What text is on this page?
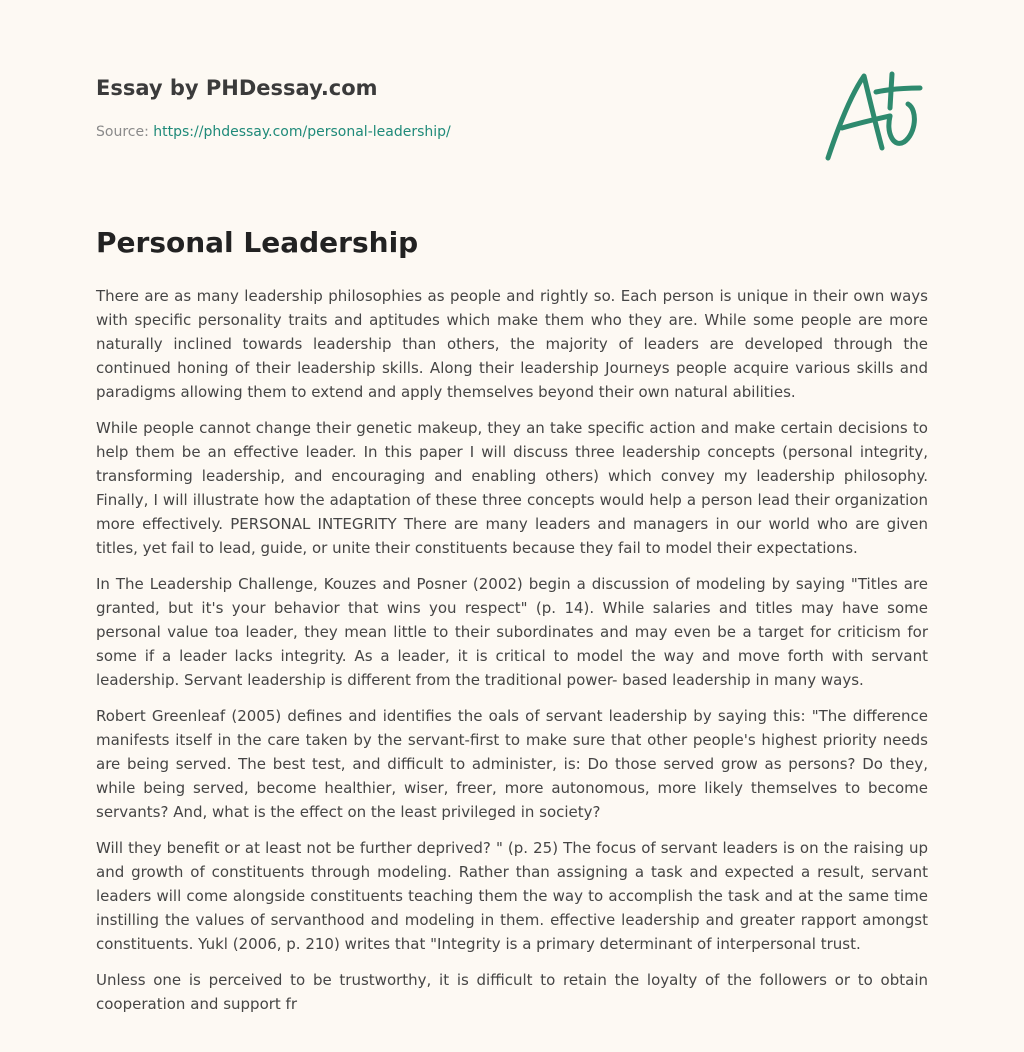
Essay by PHDessay.com

Source: https://phdessay.com/personal-leadership/

Personal Leadership

There are as many leadership philosophies as people and rightly so. Each person is unique in their own ways with specific personality traits and aptitudes which make them who they are. While some people are more naturally inclined towards leadership than others, the majority of leaders are developed through the continued honing of their leadership skills. Along their leadership Journeys people acquire various skills and paradigms allowing them to extend and apply themselves beyond their own natural abilities.

While people cannot change their genetic makeup, they an take specific action and make certain decisions to help them be an effective leader. In this paper I will discuss three leadership concepts (personal integrity, transforming leadership, and encouraging and enabling others) which convey my leadership philosophy. Finally, I will illustrate how the adaptation of these three concepts would help a person lead their organization more effectively. PERSONAL INTEGRITY There are many leaders and managers in our world who are given titles, yet fail to lead, guide, or unite their constituents because they fail to model their expectations.

In The Leadership Challenge, Kouzes and Posner (2002) begin a discussion of modeling by saying "Titles are granted, but it's your behavior that wins you respect" (p. 14). While salaries and titles may have some personal value toa leader, they mean little to their subordinates and may even be a target for criticism for some if a leader lacks integrity. As a leader, it is critical to model the way and move forth with servant leadership. Servant leadership is different from the traditional power- based leadership in many ways.

Robert Greenleaf (2005) defines and identifies the oals of servant leadership by saying this: "The difference manifests itself in the care taken by the servant-first to make sure that other people's highest priority needs are being served. The best test, and difficult to administer, is: Do those served grow as persons? Do they, while being served, become healthier, wiser, freer, more autonomous, more likely themselves to become servants? And, what is the effect on the least privileged in society?

Will they benefit or at least not be further deprived? " (p. 25) The focus of servant leaders is on the raising up and growth of constituents through modeling. Rather than assigning a task and expected a result, servant leaders will come alongside constituents teaching them the way to accomplish the task and at the same time instilling the values of servanthood and modeling in them. effective leadership and greater rapport amongst constituents. Yukl (2006, p. 210) writes that "Integrity is a primary determinant of interpersonal trust.

Unless one is perceived to be trustworthy, it is difficult to retain the loyalty of the followers or to obtain cooperation and support fr
